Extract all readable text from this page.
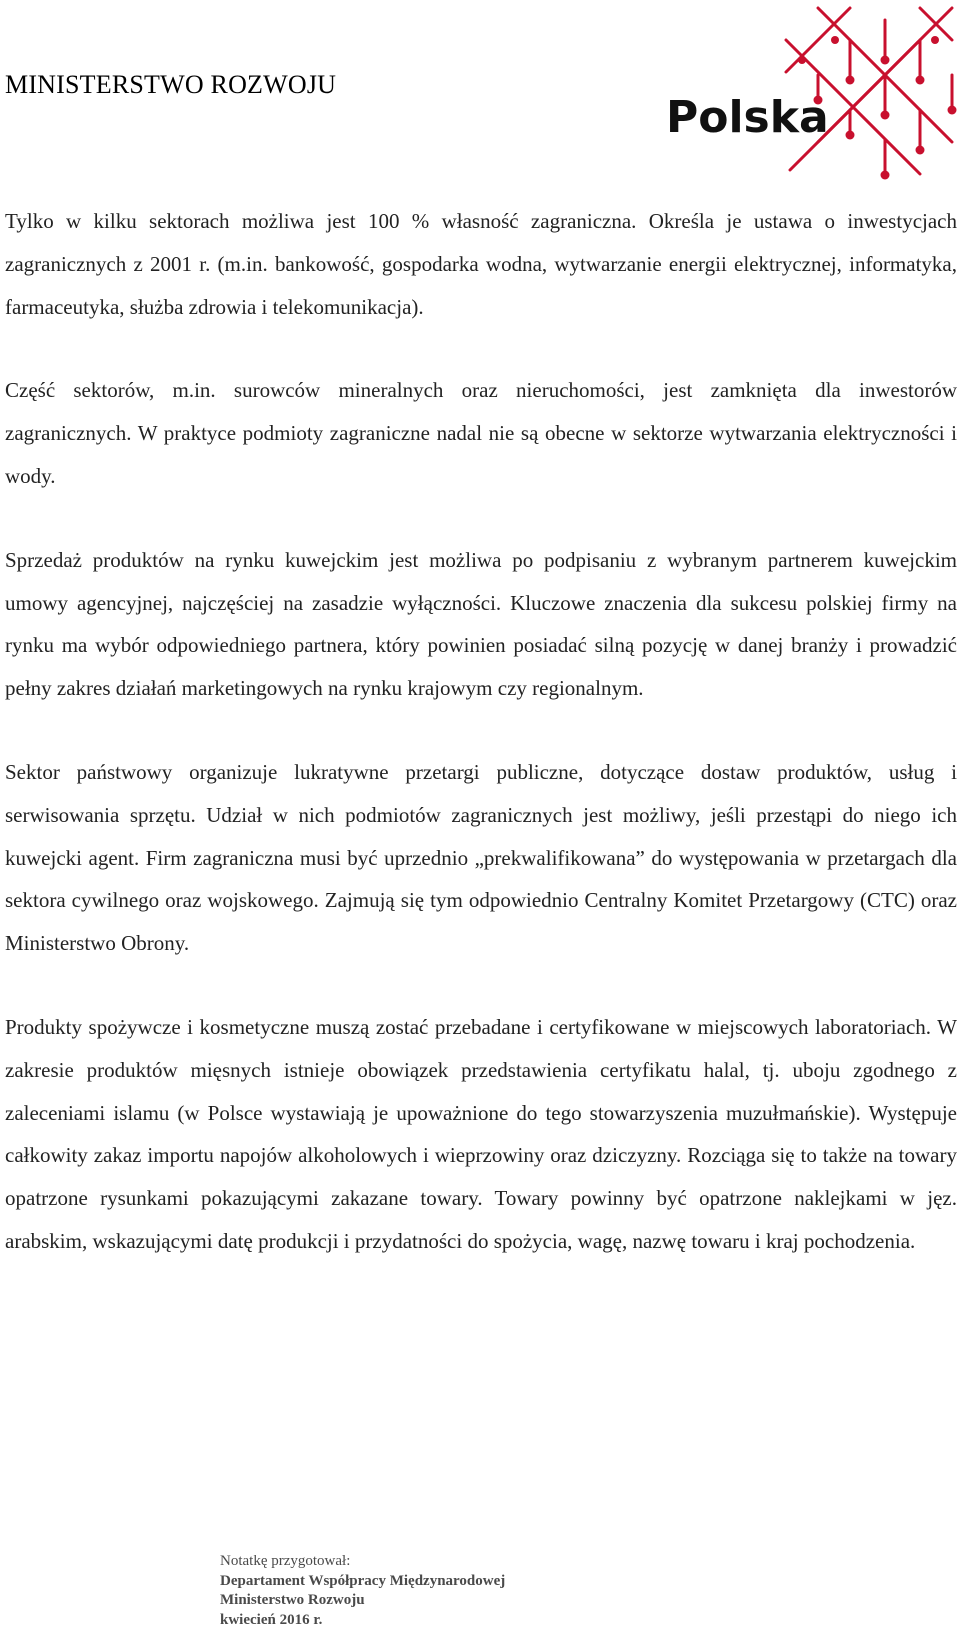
MINISTERSTWO ROZWOJU
Polska

Tylko w kilku sektorach możliwa jest 100 % własność zagraniczna. Określa je ustawa o inwestycjach zagranicznych z 2001 r. (m.in. bankowość, gospodarka wodna, wytwarzanie energii elektrycznej, informatyka, farmaceutyka, służba zdrowia i telekomunikacja).

Część sektorów, m.in. surowców mineralnych oraz nieruchomości, jest zamknięta dla inwestorów zagranicznych. W praktyce podmioty zagraniczne nadal nie są obecne w sektorze wytwarzania elektryczności i wody.

Sprzedaż produktów na rynku kuwejckim jest możliwa po podpisaniu z wybranym partnerem kuwejckim umowy agencyjnej, najczęściej na zasadzie wyłączności. Kluczowe znaczenia dla sukcesu polskiej firmy na rynku ma wybór odpowiedniego partnera, który powinien posiadać silną pozycję w danej branży i prowadzić pełny zakres działań marketingowych na rynku krajowym czy regionalnym.

Sektor państwowy organizuje lukratywne przetargi publiczne, dotyczące dostaw produktów, usług i serwisowania sprzętu. Udział w nich podmiotów zagranicznych jest możliwy, jeśli przestąpi do niego ich kuwejcki agent. Firm zagraniczna musi być uprzednio „prekwalifikowana” do występowania w przetargach dla sektora cywilnego oraz wojskowego. Zajmują się tym odpowiednio Centralny Komitet Przetargowy (CTC) oraz Ministerstwo Obrony.

Produkty spożywcze i kosmetyczne muszą zostać przebadane i certyfikowane w miejscowych laboratoriach. W zakresie produktów mięsnych istnieje obowiązek przedstawienia certyfikatu halal, tj. uboju zgodnego z zaleceniami islamu (w Polsce wystawiają je upoważnione do tego stowarzyszenia muzułmańskie). Występuje całkowity zakaz importu napojów alkoholowych i wieprzowiny oraz dziczyzny. Rozciąga się to także na towary opatrzone rysunkami pokazującymi zakazane towary. Towary powinny być opatrzone naklejkami w jęz. arabskim, wskazującymi datę produkcji i przydatności do spożycia, wagę, nazwę towaru i kraj pochodzenia.

Notatkę przygotował:
Departament Współpracy Międzynarodowej
Ministerstwo Rozwoju
kwiecień 2016 r.
